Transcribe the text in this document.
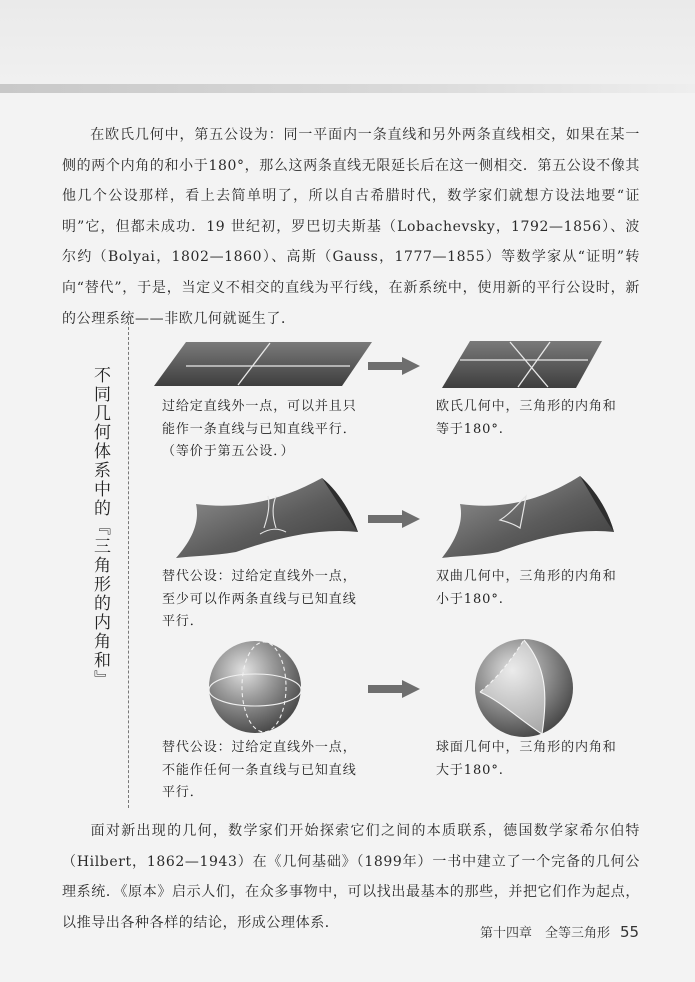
在欧氏几何中，第五公设为：同一平面内一条直线和另外两条直线相交，如果在某一侧的两个内角的和小于180°，那么这两条直线无限延长后在这一侧相交．第五公设不像其他几个公设那样，看上去简单明了，所以自古希腊时代，数学家们就想方设法地要“证明”它，但都未成功．19 世纪初，罗巴切夫斯基（Lobachevsky，1792—1856）、波尔约（Bolyai，1802—1860）、高斯（Gauss，1777—1855）等数学家从“证明”转向“替代”，于是，当定义不相交的直线为平行线，在新系统中，使用新的平行公设时，新的公理系统——非欧几何就诞生了．

不同几何体系中的『三角形的内角和』	过给定直线外一点，可以并且只能作一条直线与已知直线平行．（等价于第五公设．）

欧氏几何中，三角形的内角和等于180°.

替代公设：过给定直线外一点，至少可以作两条直线与已知直线平行．

双曲几何中，三角形的内角和小于180°.

替代公设：过给定直线外一点，不能作任何一条直线与已知直线平行．

球面几何中，三角形的内角和大于180°.

面对新出现的几何，数学家们开始探索它们之间的本质联系，德国数学家希尔伯特（Hilbert，1862—1943）在《几何基础》（1899年）一书中建立了一个完备的几何公理系统．《原本》启示人们，在众多事物中，可以找出最基本的那些，并把它们作为起点，以推导出各种各样的结论，形成公理体系．

第十四章　全等三角形 55
